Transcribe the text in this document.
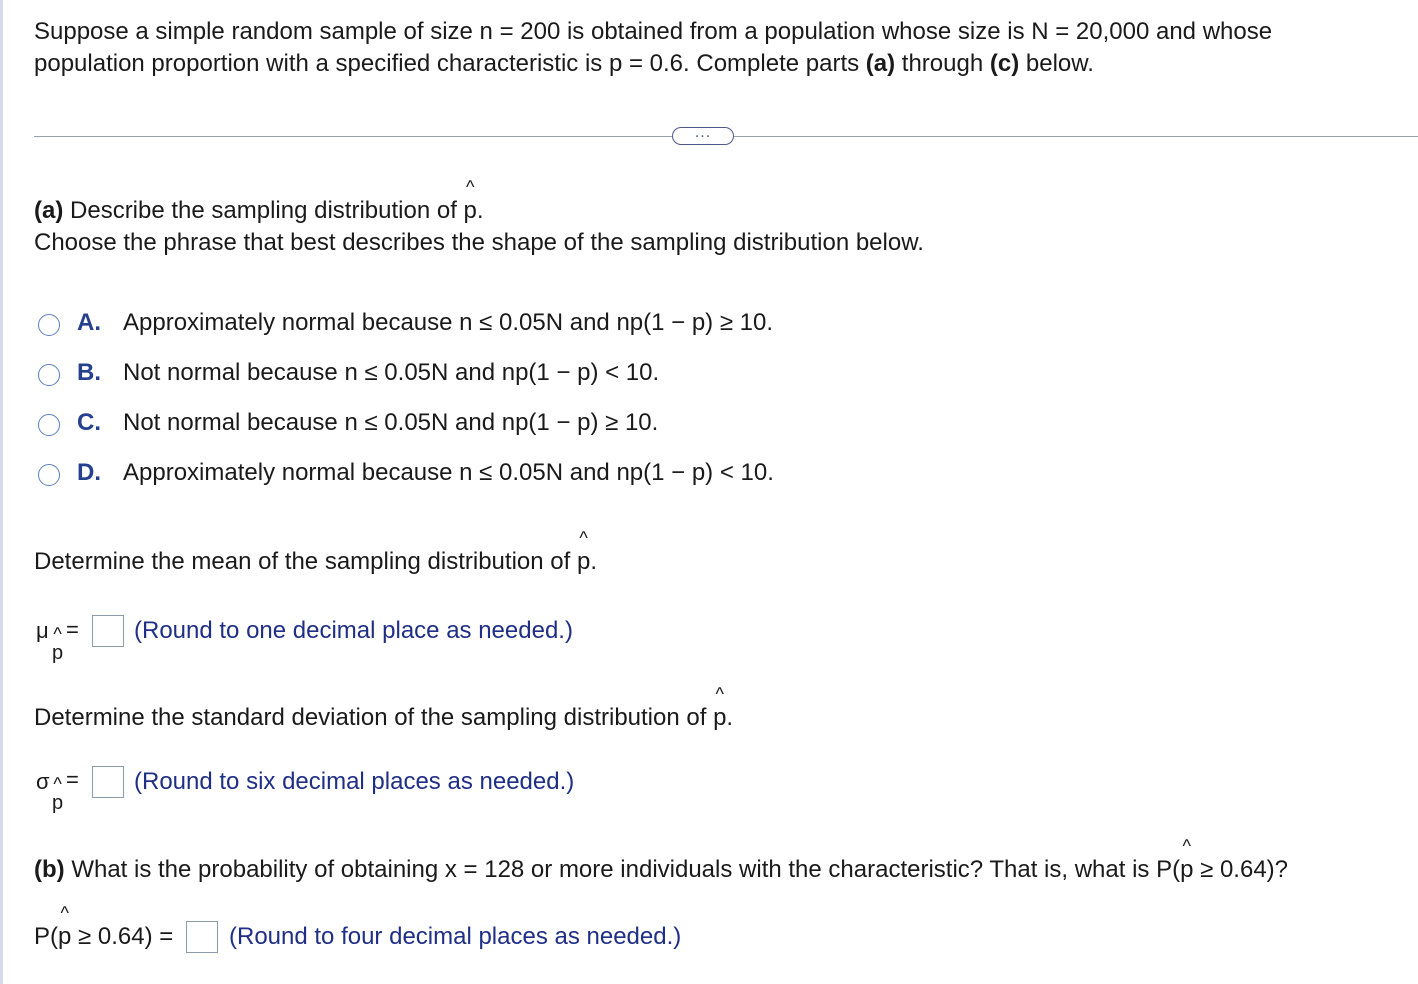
Suppose a simple random sample of size n = 200 is obtained from a population whose size is N = 20,000 and whose
population proportion with a specified characteristic is p = 0.6. Complete parts (a) through (c) below.
...
(a) Describe the sampling distribution of ^ p.
Choose the phrase that best describes the shape of the sampling distribution below.
A. Approximately normal because n ≤ 0.05N and np(1 − p) ≥ 10.
B. Not normal because n ≤ 0.05N and np(1 − p) < 10.
C. Not normal because n ≤ 0.05N and np(1 − p) ≥ 10.
D. Approximately normal because n ≤ 0.05N and np(1 − p) < 10.
Determine the mean of the sampling distribution of ^ p.
μ
^ p
= (Round to one decimal place as needed.)
Determine the standard deviation of the sampling distribution of ^ p.
σ
^ p
= (Round to six decimal places as needed.)
(b) What is the probability of obtaining x = 128 or more individuals with the characteristic? That is, what is P(^ p ≥ 0.64)?
P(^ p ≥ 0.64) = (Round to four decimal places as needed.)
